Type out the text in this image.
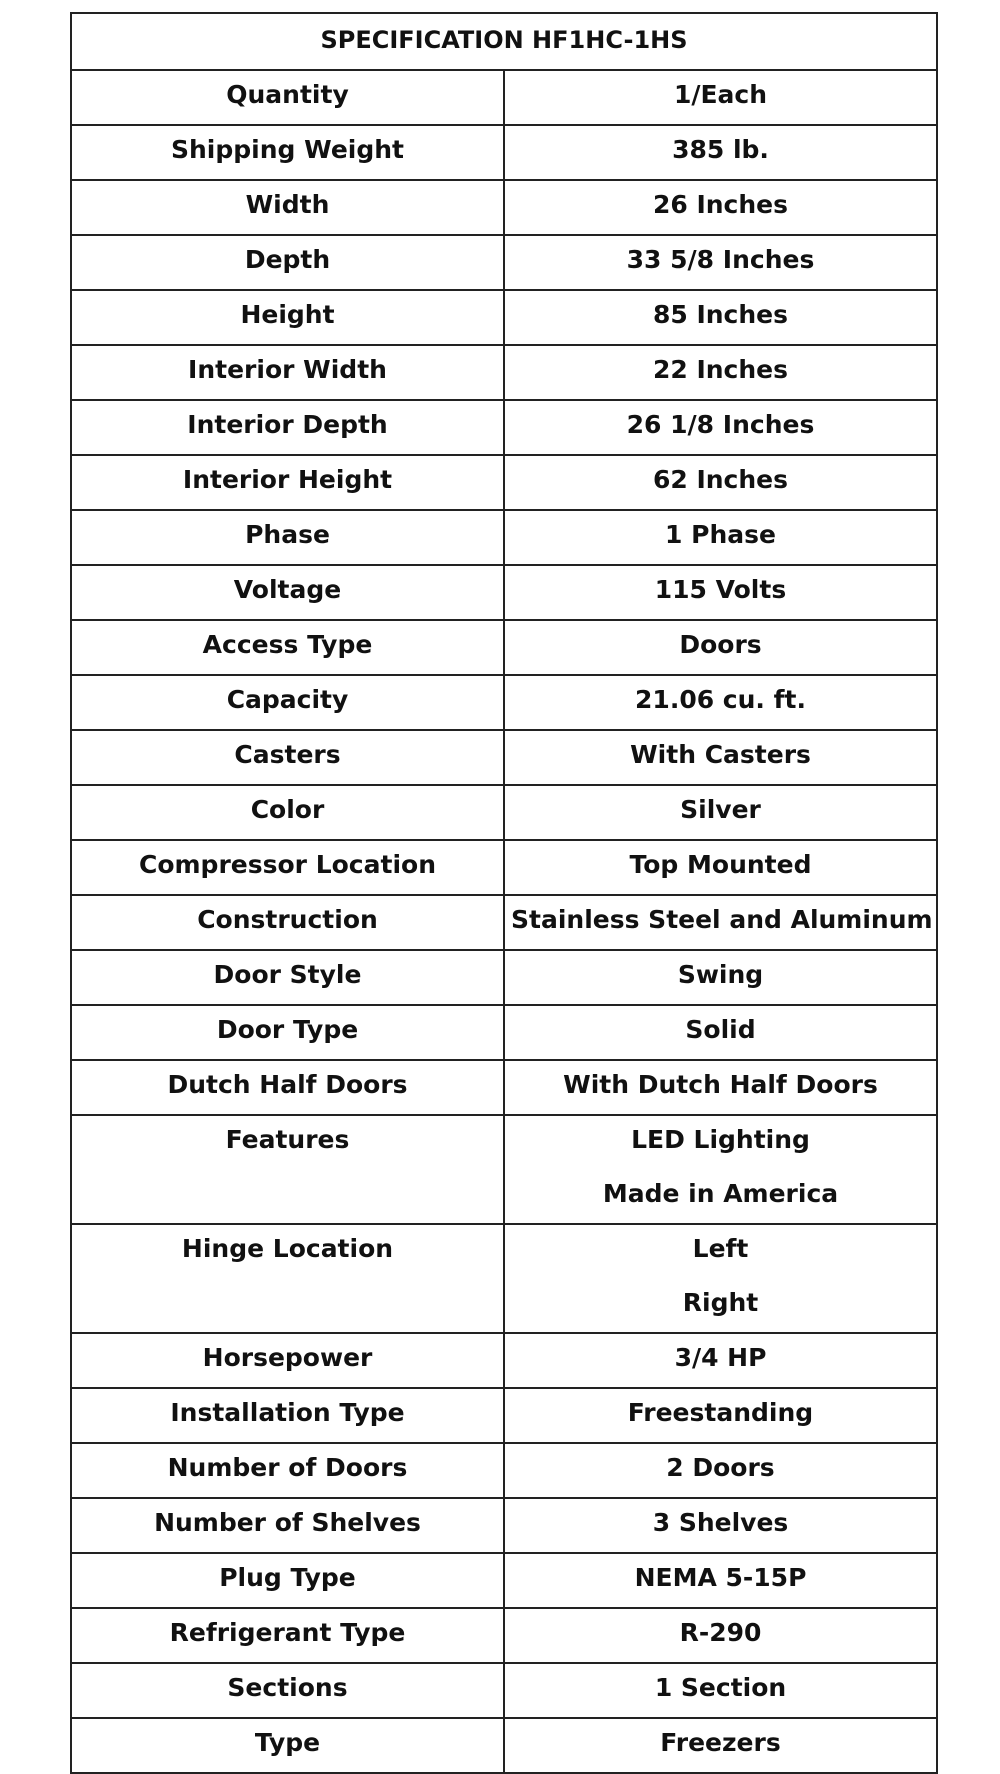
SPECIFICATION HF1HC-1HS	
Quantity	1/Each

Shipping Weight	385 lb.

Width	26 Inches

Depth	33 5/8 Inches

Height	85 Inches

Interior Width	22 Inches

Interior Depth	26 1/8 Inches

Interior Height	62 Inches

Phase	1 Phase

Voltage	115 Volts

Access Type	Doors

Capacity	21.06 cu. ft.

Casters	With Casters

Color	Silver

Compressor Location	Top Mounted

Construction	Stainless Steel and Aluminum

Door Style	Swing

Door Type	Solid

Dutch Half Doors	With Dutch Half Doors

Features	LED Lighting
Made in America

Hinge Location	Left
Right

Horsepower	3/4 HP

Installation Type	Freestanding

Number of Doors	2 Doors

Number of Shelves	3 Shelves

Plug Type	NEMA 5-15P

Refrigerant Type	R-290

Sections	1 Section

Type	Freezers
